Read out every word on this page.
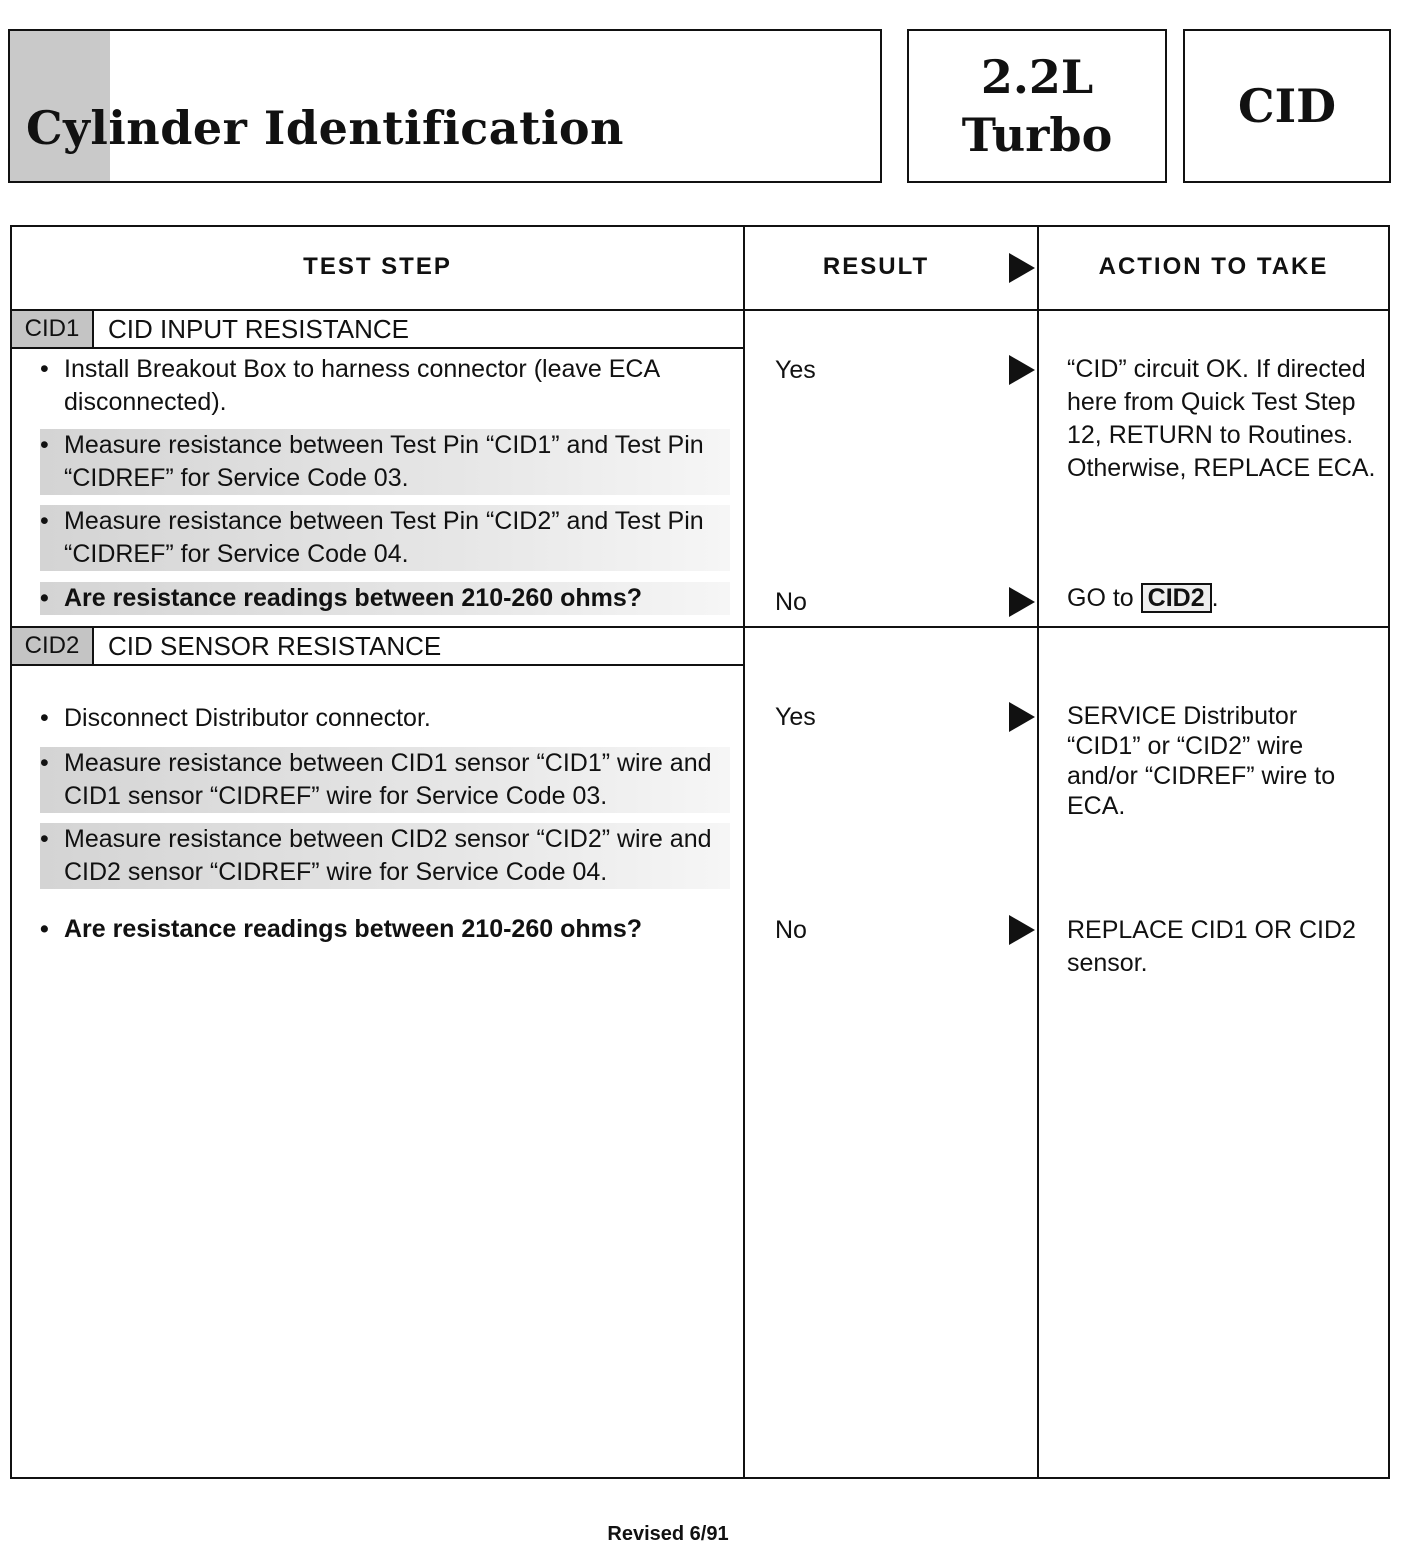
Cylinder Identification
2.2L
Turbo
CID
TEST STEP	RESULT	ACTION TO TAKE
CID1	CID INPUT RESISTANCE
• Install Breakout Box to harness connector (leave ECA disconnected).
• Measure resistance between Test Pin “CID1” and Test Pin “CIDREF” for Service Code 03.
• Measure resistance between Test Pin “CID2” and Test Pin “CIDREF” for Service Code 04.
• Are resistance readings between 210-260 ohms?
Yes	“CID” circuit OK. If directed here from Quick Test Step 12, RETURN to Routines. Otherwise, REPLACE ECA.
No	GO to CID2 .
CID2	CID SENSOR RESISTANCE
• Disconnect Distributor connector.
• Measure resistance between CID1 sensor “CID1” wire and CID1 sensor “CIDREF” wire for Service Code 03.
• Measure resistance between CID2 sensor “CID2” wire and CID2 sensor “CIDREF” wire for Service Code 04.
• Are resistance readings between 210-260 ohms?
Yes	SERVICE Distributor “CID1” or “CID2” wire and/or “CIDREF” wire to ECA.
No	REPLACE CID1 OR CID2 sensor.
Revised 6/91
